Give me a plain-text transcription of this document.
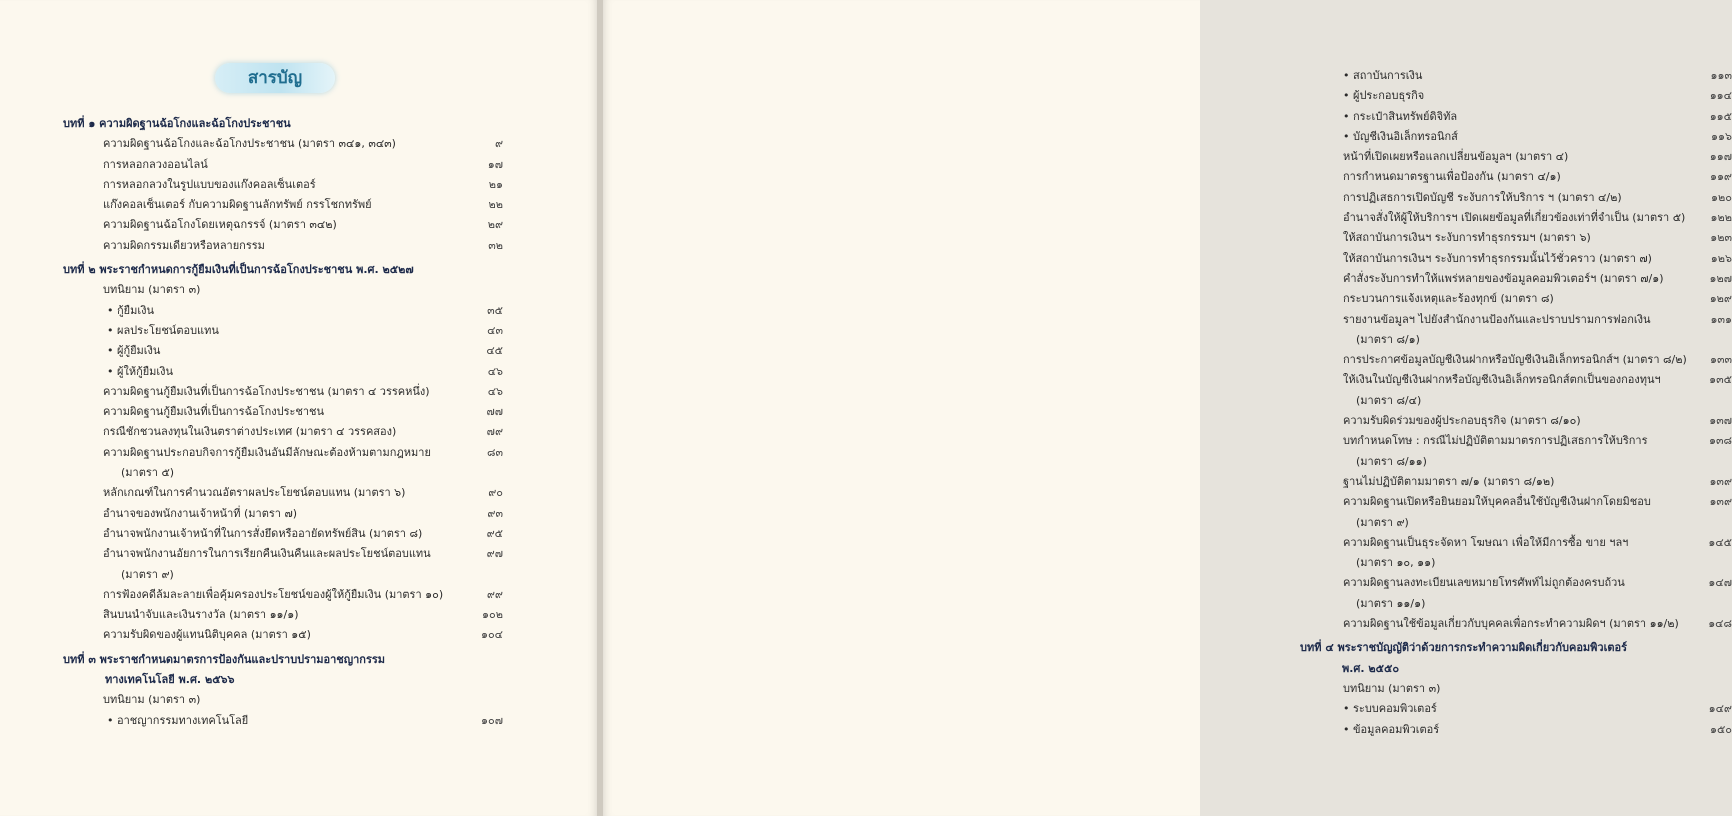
สารบัญ
บทที่ ๑ ความผิดฐานฉ้อโกงและฉ้อโกงประชาชน
ความผิดฐานฉ้อโกงและฉ้อโกงประชาชน (มาตรา ๓๔๑, ๓๔๓)	๙
การหลอกลวงออนไลน์	๑๗
การหลอกลวงในรูปแบบของแก๊งคอลเซ็นเตอร์	๒๑
แก๊งคอลเซ็นเตอร์ กับความผิดฐานลักทรัพย์ กรรโชกทรัพย์	๒๒
ความผิดฐานฉ้อโกงโดยเหตุฉกรรจ์ (มาตรา ๓๔๒)	๒๙
ความผิดกรรมเดียวหรือหลายกรรม	๓๒
บทที่ ๒ พระราชกำหนดการกู้ยืมเงินที่เป็นการฉ้อโกงประชาชน พ.ศ. ๒๕๒๗
บทนิยาม (มาตรา ๓)
• กู้ยืมเงิน	๓๕
• ผลประโยชน์ตอบแทน	๔๓
• ผู้กู้ยืมเงิน	๔๕
• ผู้ให้กู้ยืมเงิน	๔๖
ความผิดฐานกู้ยืมเงินที่เป็นการฉ้อโกงประชาชน (มาตรา ๔ วรรคหนึ่ง)	๔๖
ความผิดฐานกู้ยืมเงินที่เป็นการฉ้อโกงประชาชน	๗๗
กรณีชักชวนลงทุนในเงินตราต่างประเทศ (มาตรา ๔ วรรคสอง)	๗๙
ความผิดฐานประกอบกิจการกู้ยืมเงินอันมีลักษณะต้องห้ามตามกฎหมาย	๘๓
(มาตรา ๕)
หลักเกณฑ์ในการคำนวณอัตราผลประโยชน์ตอบแทน (มาตรา ๖)	๙๐
อำนาจของพนักงานเจ้าหน้าที่ (มาตรา ๗)	๙๓
อำนาจพนักงานเจ้าหน้าที่ในการสั่งยึดหรืออายัดทรัพย์สิน (มาตรา ๘)	๙๕
อำนาจพนักงานอัยการในการเรียกคืนเงินคืนและผลประโยชน์ตอบแทน	๙๗
(มาตรา ๙)
การฟ้องคดีล้มละลายเพื่อคุ้มครองประโยชน์ของผู้ให้กู้ยืมเงิน (มาตรา ๑๐)	๙๙
สินบนนำจับและเงินรางวัล (มาตรา ๑๑/๑)	๑๐๒
ความรับผิดของผู้แทนนิติบุคคล (มาตรา ๑๕)	๑๐๔
บทที่ ๓ พระราชกำหนดมาตรการป้องกันและปราบปรามอาชญากรรม
ทางเทคโนโลยี พ.ศ. ๒๕๖๖
บทนิยาม (มาตรา ๓)
• อาชญากรรมทางเทคโนโลยี	๑๐๗
• สถาบันการเงิน	๑๑๓
• ผู้ประกอบธุรกิจ	๑๑๔
• กระเป๋าสินทรัพย์ดิจิทัล	๑๑๕
• บัญชีเงินอิเล็กทรอนิกส์	๑๑๖
หน้าที่เปิดเผยหรือแลกเปลี่ยนข้อมูลฯ (มาตรา ๔)	๑๑๗
การกำหนดมาตรฐานเพื่อป้องกัน (มาตรา ๔/๑)	๑๑๙
การปฏิเสธการเปิดบัญชี ระงับการให้บริการ ฯ (มาตรา ๔/๒)	๑๒๐
อำนาจสั่งให้ผู้ให้บริการฯ เปิดเผยข้อมูลที่เกี่ยวข้องเท่าที่จำเป็น (มาตรา ๕)	๑๒๒
ให้สถาบันการเงินฯ ระงับการทำธุรกรรมฯ (มาตรา ๖)	๑๒๓
ให้สถาบันการเงินฯ ระงับการทำธุรกรรมนั้นไว้ชั่วคราว (มาตรา ๗)	๑๒๖
คำสั่งระงับการทำให้แพร่หลายของข้อมูลคอมพิวเตอร์ฯ (มาตรา ๗/๑)	๑๒๗
กระบวนการแจ้งเหตุและร้องทุกข์ (มาตรา ๘)	๑๒๙
รายงานข้อมูลฯ ไปยังสำนักงานป้องกันและปราบปรามการฟอกเงิน	๑๓๑
(มาตรา ๘/๑)
การประกาศข้อมูลบัญชีเงินฝากหรือบัญชีเงินอิเล็กทรอนิกส์ฯ (มาตรา ๘/๒)	๑๓๓
ให้เงินในบัญชีเงินฝากหรือบัญชีเงินอิเล็กทรอนิกส์ตกเป็นของกองทุนฯ	๑๓๕
(มาตรา ๘/๔)
ความรับผิดร่วมของผู้ประกอบธุรกิจ (มาตรา ๘/๑๐)	๑๓๗
บทกำหนดโทษ : กรณีไม่ปฏิบัติตามมาตรการปฏิเสธการให้บริการ	๑๓๘
(มาตรา ๘/๑๑)
ฐานไม่ปฏิบัติตามมาตรา ๗/๑ (มาตรา ๘/๑๒)	๑๓๙
ความผิดฐานเปิดหรือยินยอมให้บุคคลอื่นใช้บัญชีเงินฝากโดยมิชอบ	๑๓๙
(มาตรา ๙)
ความผิดฐานเป็นธุระจัดหา โฆษณา เพื่อให้มีการซื้อ ขาย ฯลฯ	๑๔๕
(มาตรา ๑๐, ๑๑)
ความผิดฐานลงทะเบียนเลขหมายโทรศัพท์ไม่ถูกต้องครบถ้วน	๑๔๗
(มาตรา ๑๑/๑)
ความผิดฐานใช้ข้อมูลเกี่ยวกับบุคคลเพื่อกระทำความผิดฯ (มาตรา ๑๑/๒)	๑๔๘
บทที่ ๔ พระราชบัญญัติว่าด้วยการกระทำความผิดเกี่ยวกับคอมพิวเตอร์
พ.ศ. ๒๕๕๐
บทนิยาม (มาตรา ๓)
• ระบบคอมพิวเตอร์	๑๔๙
• ข้อมูลคอมพิวเตอร์	๑๕๐
